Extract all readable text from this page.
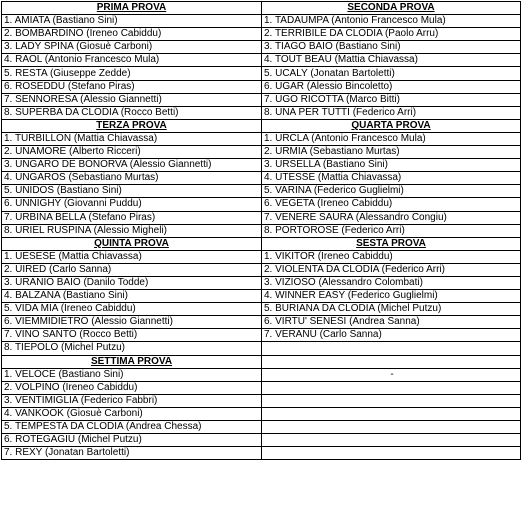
PRIMA PROVA	SECONDA PROVA
1. AMIATA (Bastiano Sini)	1. TADAUMPA (Antonio Francesco Mula)
2. BOMBARDINO (Ireneo Cabiddu)	2. TERRIBILE DA CLODIA (Paolo Arru)
3. LADY SPINA (Giosuè Carboni)	3. TIAGO BAIO (Bastiano Sini)
4. RAOL (Antonio Francesco Mula)	4. TOUT BEAU (Mattia Chiavassa)
5. RESTA (Giuseppe Zedde)	5. UCALY (Jonatan Bartoletti)
6. ROSEDDU (Stefano Piras)	6. UGAR (Alessio Bincoletto)
7. SENNORESA (Alessio Giannetti)	7. UGO RICOTTA (Marco Bitti)
8. SUPERBA DA CLODIA (Rocco Betti)	8. UNA PER TUTTI (Federico Arri)
TERZA PROVA	QUARTA PROVA
1. TURBILLON (Mattia Chiavassa)	1. URCLA (Antonio Francesco Mula)
2. UNAMORE (Alberto Ricceri)	2. URMIA (Sebastiano Murtas)
3. UNGARO DE BONORVA (Alessio Giannetti)	3. URSELLA (Bastiano Sini)
4. UNGAROS (Sebastiano Murtas)	4. UTESSE (Mattia Chiavassa)
5. UNIDOS (Bastiano Sini)	5. VARINA (Federico Guglielmi)
6. UNNIGHY (Giovanni Puddu)	6. VEGETA (Ireneo Cabiddu)
7. URBINA BELLA (Stefano Piras)	7. VENERE SAURA (Alessandro Congiu)
8. URIEL RUSPINA (Alessio Migheli)	8. PORTOROSE (Federico Arri)
QUINTA PROVA	SESTA PROVA
1. UESESE (Mattia Chiavassa)	1. VIKITOR (Ireneo Cabiddu)
2. UIRED (Carlo Sanna)	2. VIOLENTA DA CLODIA (Federico Arri)
3. URANIO BAIO (Danilo Todde)	3. VIZIOSO (Alessandro Colombati)
4. BALZANA (Bastiano Sini)	4. WINNER EASY (Federico Guglielmi)
5. VIDA MIA (Ireneo Cabiddu)	5. BURIANA DA CLODIA (Michel Putzu)
6. VIEMMIDIETRO (Alessio Giannetti)	6. VIRTU' SENESI (Andrea Sanna)
7. VINO SANTO (Rocco Betti)	7. VERANU (Carlo Sanna)
8. TIEPOLO (Michel Putzu)	
SETTIMA PROVA	
1. VELOCE (Bastiano Sini)	-
2. VOLPINO (Ireneo Cabiddu)	
3. VENTIMIGLIA (Federico Fabbri)	
4. VANKOOK (Giosuè Carboni)	
5. TEMPESTA DA CLODIA (Andrea Chessa)	
6. ROTEGAGIU (Michel Putzu)	
7. REXY (Jonatan Bartoletti)	
